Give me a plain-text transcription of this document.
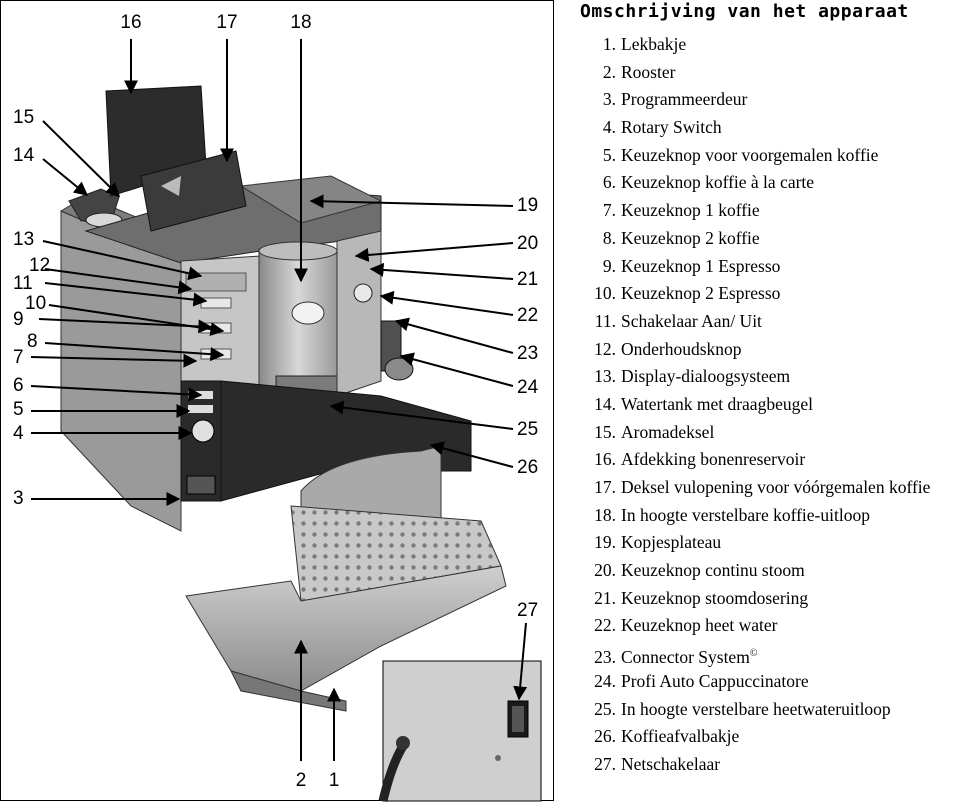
16	17	18
15
14
13
12
11
10
9
8
7
6
5
4
3
19
20
21
22
23
24
25
26
27
2 1
Omschrijving van het apparaat
1. Lekbakje
2. Rooster
3. Programmeerdeur
4. Rotary Switch
5. Keuzeknop voor voorgemalen koffie
6. Keuzeknop koffie à la carte
7. Keuzeknop 1 koffie
8. Keuzeknop 2 koffie
9. Keuzeknop 1 Espresso
10. Keuzeknop 2 Espresso
11. Schakelaar Aan/ Uit
12. Onderhoudsknop
13. Display-dialoogsysteem
14. Watertank met draagbeugel
15. Aromadeksel
16. Afdekking bonenreservoir
17. Deksel vulopening voor vóórgemalen koffie
18. In hoogte verstelbare koffie-uitloop
19. Kopjesplateau
20. Keuzeknop continu stoom
21. Keuzeknop stoomdosering
22. Keuzeknop heet water
23. Connector System©
24. Profi Auto Cappuccinatore
25. In hoogte verstelbare heetwateruitloop
26. Koffieafvalbakje
27. Netschakelaar
